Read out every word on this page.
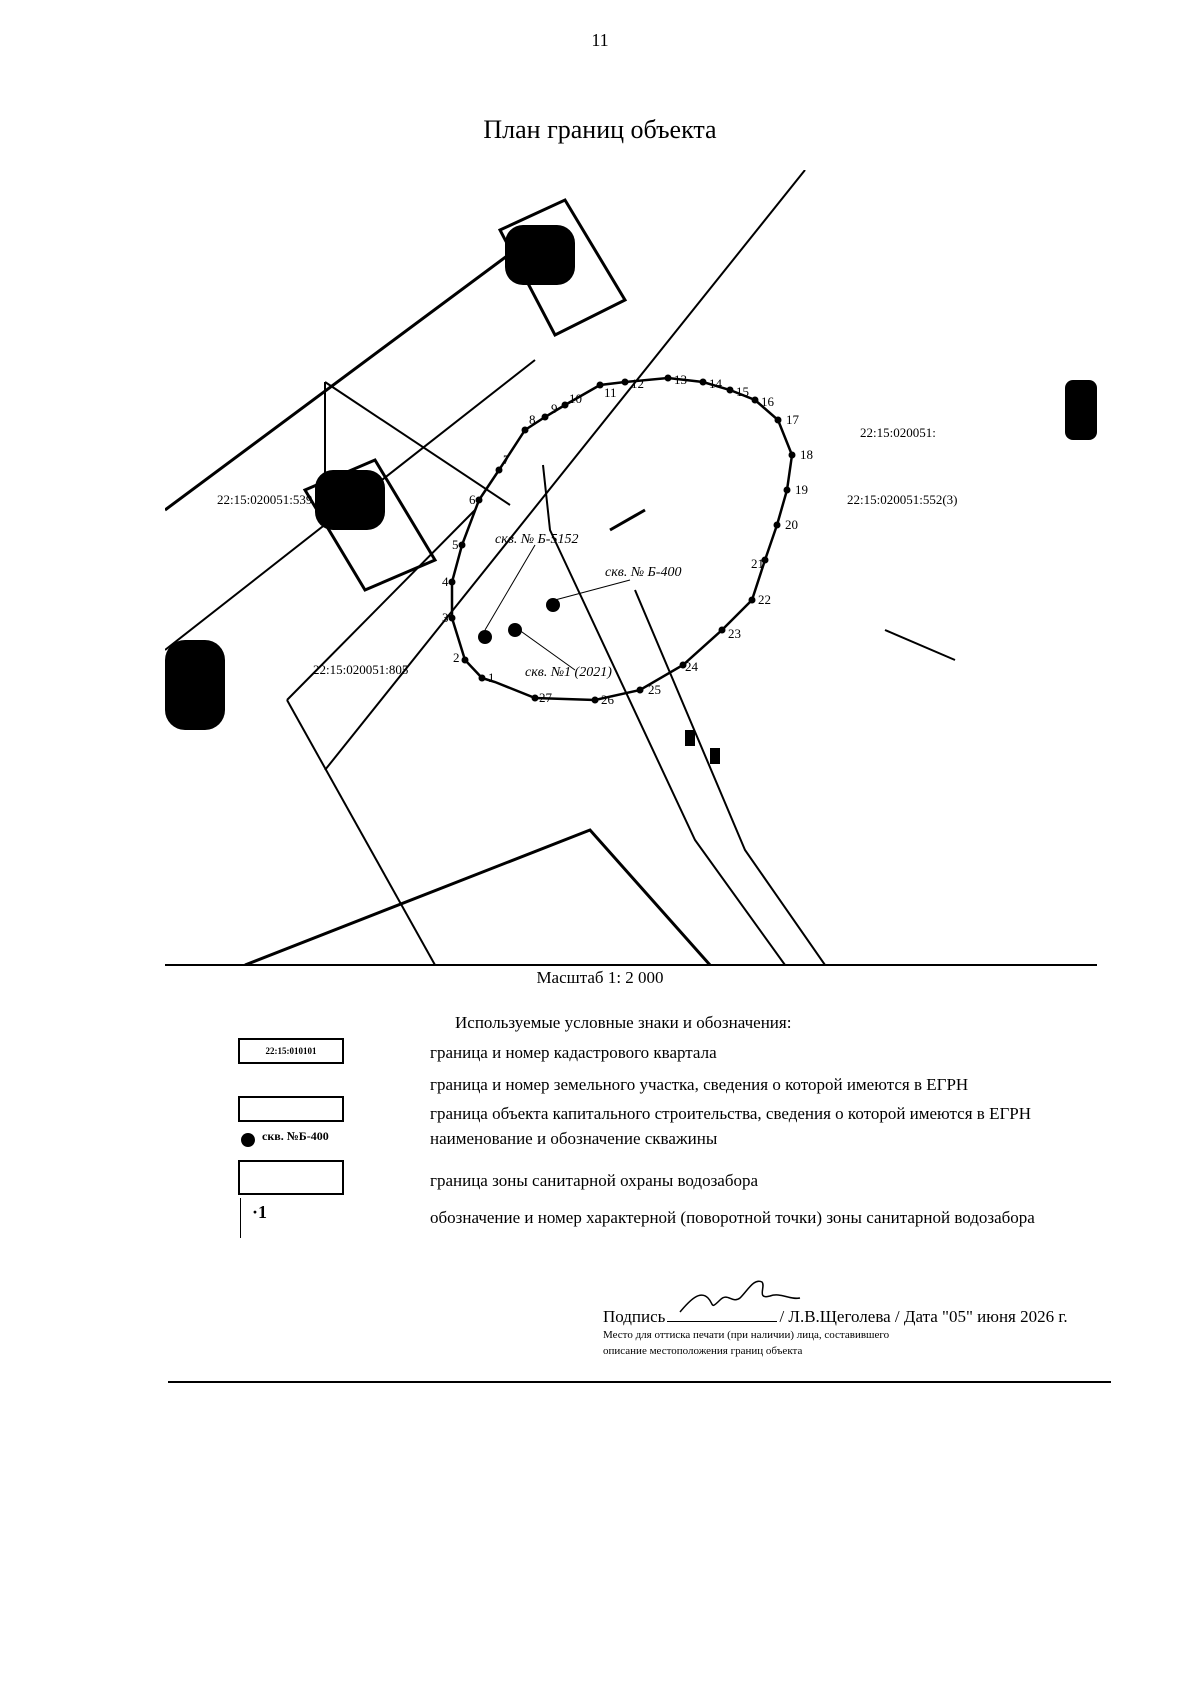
11
План границ объекта
скв. № Б-5152
скв. № Б-400
скв. №1 (2021)
1
2
3
4
5
6
7
8
9
10 11
12 13 14
15
16
17
18
19
20
21
22
23
24
25
26
27
22:15:020051:539
22:15:020051:805
22:15:020051:
22:15:020051:552(3)
Масштаб 1: 2 000
Используемые условные знаки и обозначения:
22:15:010101	граница и номер кадастрового квартала
граница и номер земельного участка, сведения о которой имеются в ЕГРН
граница объекта капитального строительства, сведения о которой имеются в ЕГРН
скв. №Б-400	наименование и обозначение скважины
граница зоны санитарной охраны водозабора
·1	обозначение и номер характерной (поворотной точки) зоны санитарной водозабора
Подпись	/ Л.В.Щеголева / Дата "05" июня 2026 г.
Место для оттиска печати (при наличии) лица, составившего
описание местоположения границ объекта
